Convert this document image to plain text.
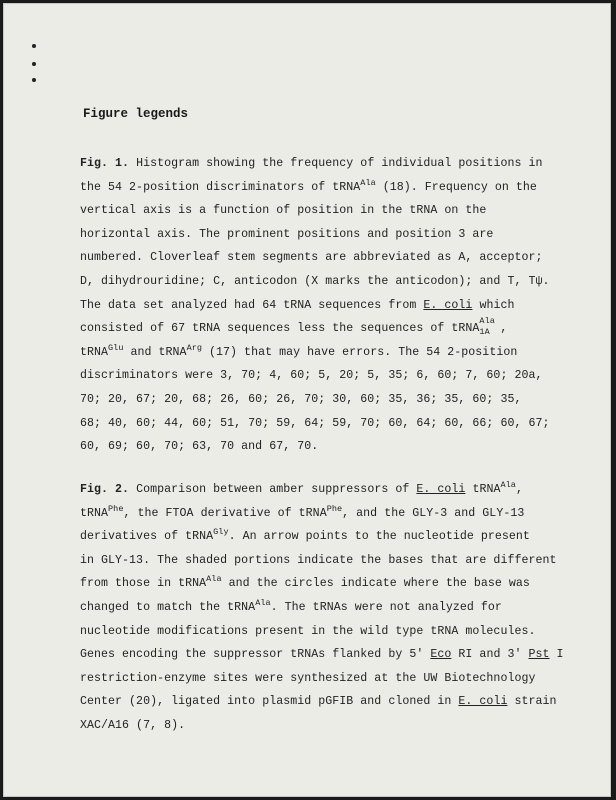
Figure legends
Fig. 1. Histogram showing the frequency of individual positions in
the 54 2-position discriminators of tRNA$^{Ala}$ (18). Frequency on the
vertical axis is a function of position in the tRNA on the
horizontal axis. The prominent positions and position 3 are
numbered. Cloverleaf stem segments are abbreviated as A, acceptor;
D, dihydrouridine; C, anticodon (X marks the anticodon); and T, Tψ.
The data set analyzed had 64 tRNA sequences from E. coli which
consisted of 67 tRNA sequences less the sequences of tRNA
Ala
1A ,
tRNA$^{Glu}$ and tRNA$^{Arg}$ (17) that may have errors. The 54 2-position
discriminators were 3, 70; 4, 60; 5, 20; 5, 35; 6, 60; 7, 60; 20a,
70; 20, 67; 20, 68; 26, 60; 26, 70; 30, 60; 35, 36; 35, 60; 35,
68; 40, 60; 44, 60; 51, 70; 59, 64; 59, 70; 60, 64; 60, 66; 60, 67;
60, 69; 60, 70; 63, 70 and 67, 70.
Fig. 2. Comparison between amber suppressors of E. coli tRNA$^{Ala}$,
tRNA$^{Phe}$, the FTOA derivative of tRNA$^{Phe}$, and the GLY-3 and GLY-13
derivatives of tRNA$^{Gly}$. An arrow points to the nucleotide present
in GLY-13. The shaded portions indicate the bases that are different
from those in tRNA$^{Ala}$ and the circles indicate where the base was
changed to match the tRNA$^{Ala}$. The tRNAs were not analyzed for
nucleotide modifications present in the wild type tRNA molecules.
Genes encoding the suppressor tRNAs flanked by 5' Eco RI and 3' Pst I
restriction-enzyme sites were synthesized at the UW Biotechnology
Center (20), ligated into plasmid pGFIB and cloned in E. coli strain
XAC/A16 (7, 8).
